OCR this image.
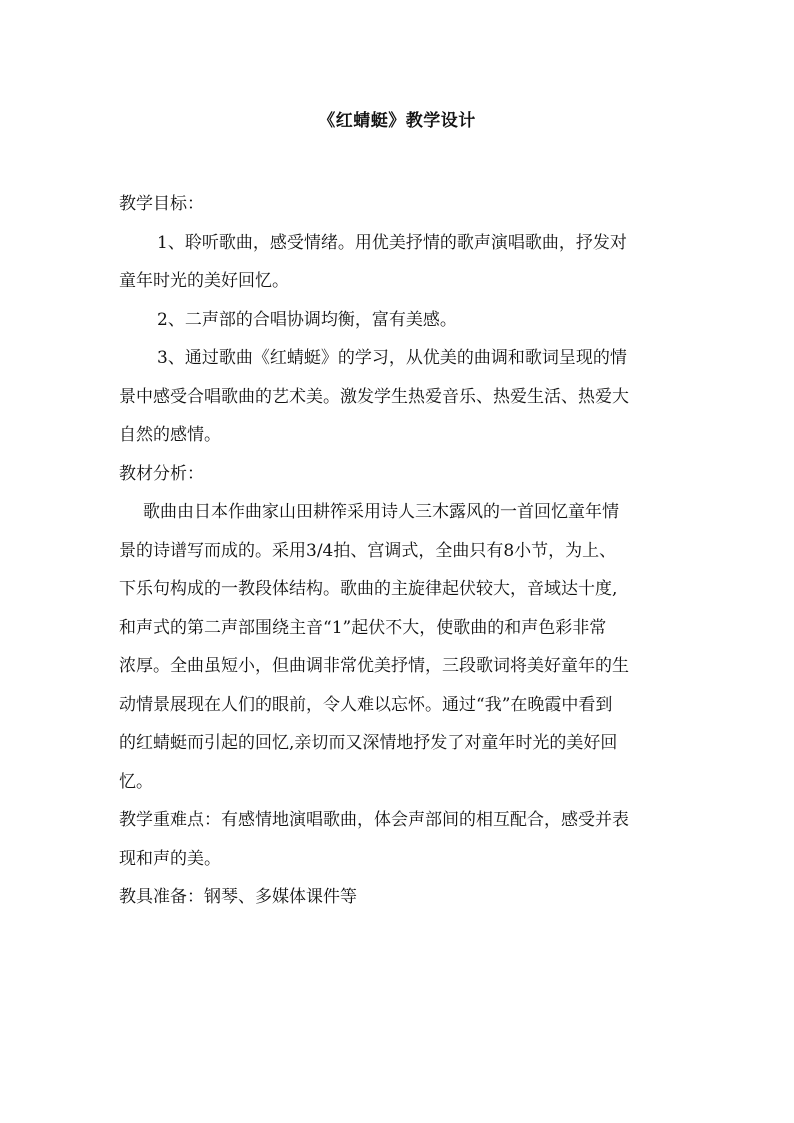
《红蜻蜓》教学设计
教学目标：
1、聆听歌曲，感受情绪。用优美抒情的歌声演唱歌曲，抒发对
童年时光的美好回忆。
2、二声部的合唱协调均衡，富有美感。
3、通过歌曲《红蜻蜓》的学习，从优美的曲调和歌词呈现的情
景中感受合唱歌曲的艺术美。激发学生热爱音乐、热爱生活、热爱大
自然的感情。
教材分析：
歌曲由日本作曲家山田耕筰采用诗人三木露风的一首回忆童年情
景的诗谱写而成的。采用3/4拍、宫调式，全曲只有8小节，为上、
下乐句构成的一教段体结构。歌曲的主旋律起伏较大，音域达十度,
和声式的第二声部围绕主音“1”起伏不大，使歌曲的和声色彩非常
浓厚。全曲虽短小，但曲调非常优美抒情，三段歌词将美好童年的生
动情景展现在人们的眼前，令人难以忘怀。通过“我”在晚霞中看到
的红蜻蜓而引起的回忆,亲切而又深情地抒发了对童年时光的美好回
忆。
教学重难点：有感情地演唱歌曲，体会声部间的相互配合，感受并表
现和声的美。
教具准备：钢琴、多媒体课件等
